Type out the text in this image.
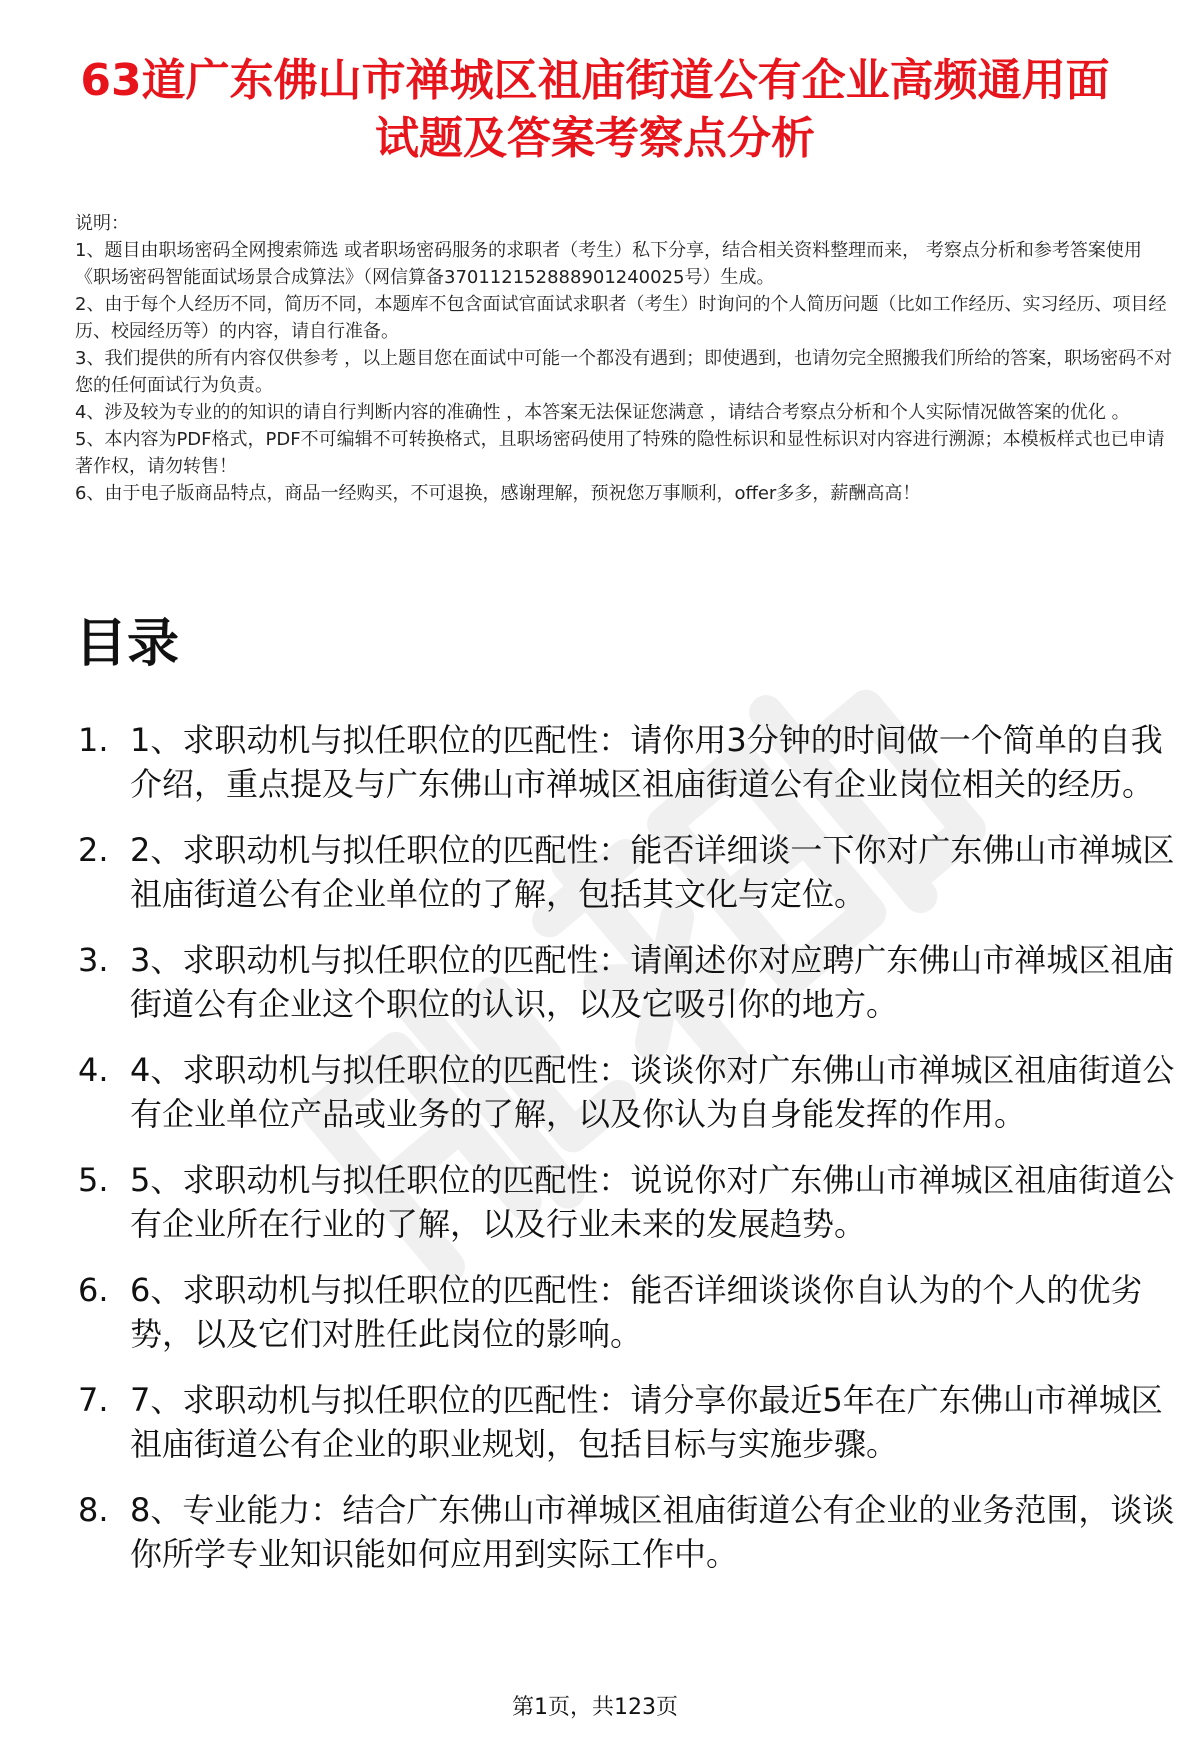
63道广东佛山市禅城区祖庙街道公有企业高频通用面试题及答案考察点分析

说明：

1、题目由职场密码全网搜索筛选 或者职场密码服务的求职者（考生）私下分享，结合相关资料整理而来， 考察点分析和参考答案使用《职场密码智能面试场景合成算法》（网信算备370112152888901240025号）生成。

2、由于每个人经历不同，简历不同，本题库不包含面试官面试求职者（考生）时询问的个人简历问题（比如工作经历、实习经历、项目经历、校园经历等）的内容，请自行准备。

3、我们提供的所有内容仅供参考 ，以上题目您在面试中可能一个都没有遇到；即使遇到，也请勿完全照搬我们所给的答案，职场密码不对您的任何面试行为负责。

4、涉及较为专业的的知识的请自行判断内容的准确性 ，本答案无法保证您满意 ，请结合考察点分析和个人实际情况做答案的优化 。

5、本内容为PDF格式，PDF不可编辑不可转换格式，且职场密码使用了特殊的隐性标识和显性标识对内容进行溯源；本模板样式也已申请著作权，请勿转售！

6、由于电子版商品特点，商品一经购买，不可退换，感谢理解，预祝您万事顺利，offer多多，薪酬高高！

目录
1. 1、求职动机与拟任职位的匹配性：请你用3分钟的时间做一个简单的自我介绍，重点提及与广东佛山市禅城区祖庙街道公有企业岗位相关的经历。
2. 2、求职动机与拟任职位的匹配性：能否详细谈一下你对广东佛山市禅城区祖庙街道公有企业单位的了解，包括其文化与定位。
3. 3、求职动机与拟任职位的匹配性：请阐述你对应聘广东佛山市禅城区祖庙街道公有企业这个职位的认识，以及它吸引你的地方。
4. 4、求职动机与拟任职位的匹配性：谈谈你对广东佛山市禅城区祖庙街道公有企业单位产品或业务的了解，以及你认为自身能发挥的作用。
5. 5、求职动机与拟任职位的匹配性：说说你对广东佛山市禅城区祖庙街道公有企业所在行业的了解，以及行业未来的发展趋势。
6. 6、求职动机与拟任职位的匹配性：能否详细谈谈你自认为的个人的优劣势，以及它们对胜任此岗位的影响。
7. 7、求职动机与拟任职位的匹配性：请分享你最近5年在广东佛山市禅城区祖庙街道公有企业的职业规划，包括目标与实施步骤。
8. 8、专业能力：结合广东佛山市禅城区祖庙街道公有企业的业务范围，谈谈你所学专业知识能如何应用到实际工作中。
第1页，共123页
